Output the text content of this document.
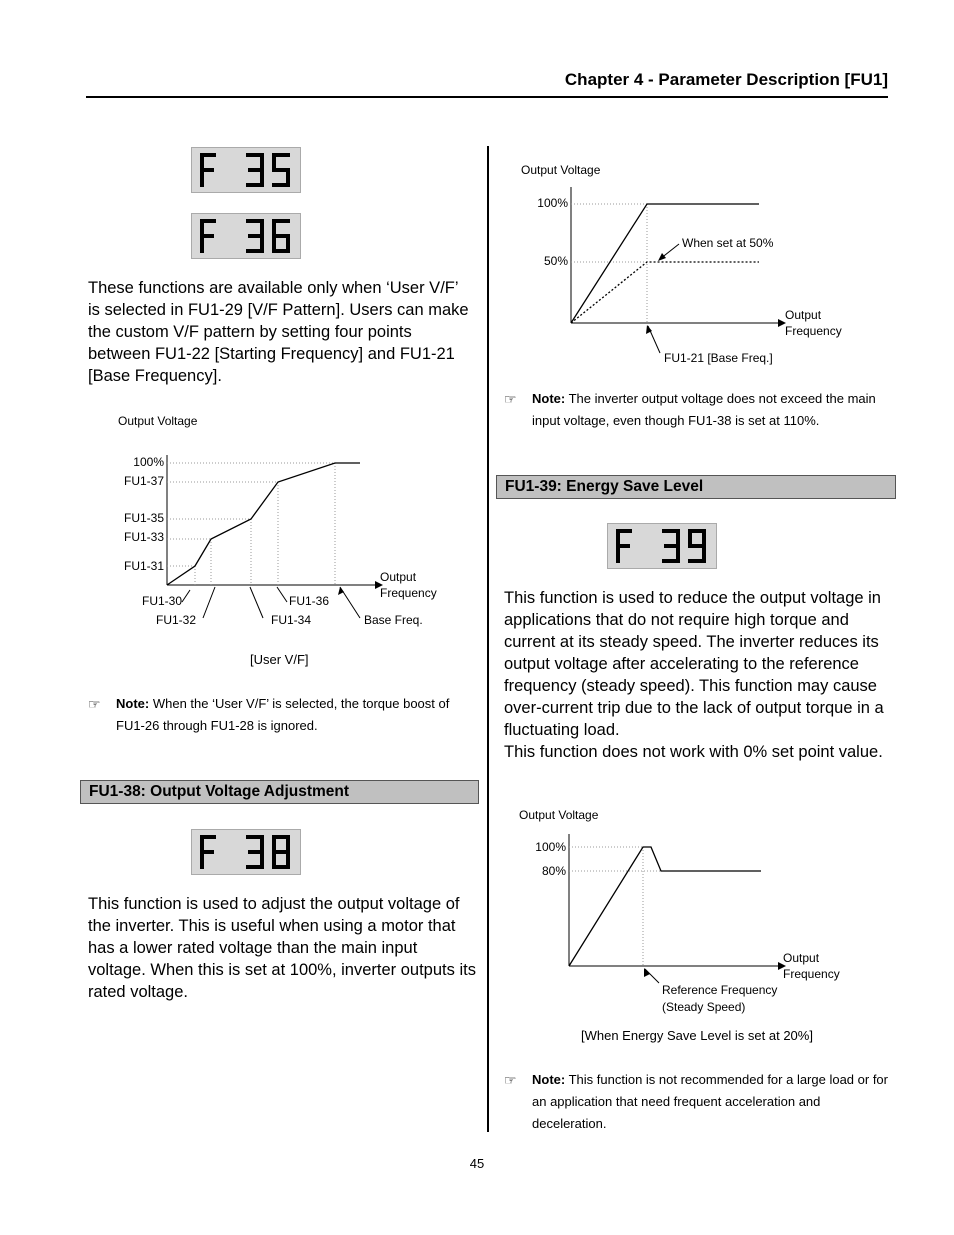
Chapter 4 - Parameter Description [FU1]
These functions are available only when ‘User V/F’ is selected in FU1-29 [V/F Pattern]. Users can make the custom V/F pattern by setting four points between FU1-22 [Starting Frequency] and FU1-21 [Base Frequency].
Output Voltage
100%
FU1-37
FU1-35
FU1-33
FU1-31
Output
Frequency
FU1-30
FU1-32	FU1-34
FU1-36
Base Freq.
[User V/F]
☞ Note: When the ‘User V/F’ is selected, the torque boost of FU1-26 through FU1-28 is ignored.
FU1-38: Output Voltage Adjustment
This function is used to adjust the output voltage of the inverter. This is useful when using a motor that has a lower rated voltage than the main input voltage. When this is set at 100%, inverter outputs its rated voltage.
Output Voltage
100%
50%
When set at 50%
Output
Frequency
FU1-21 [Base Freq.]
☞ Note: The inverter output voltage does not exceed the main input voltage, even though FU1-38 is set at 110%.
FU1-39: Energy Save Level
This function is used to reduce the output voltage in applications that do not require high torque and current at its steady speed. The inverter reduces its output voltage after accelerating to the reference frequency (steady speed). This function may cause over-current trip due to the lack of output torque in a fluctuating load.
This function does not work with 0% set point value.
Output Voltage
100%
80%
Output
Frequency
Reference Frequency
(Steady Speed)
[When Energy Save Level is set at 20%]
☞ Note: This function is not recommended for a large load or for an application that need frequent acceleration and deceleration.
45
